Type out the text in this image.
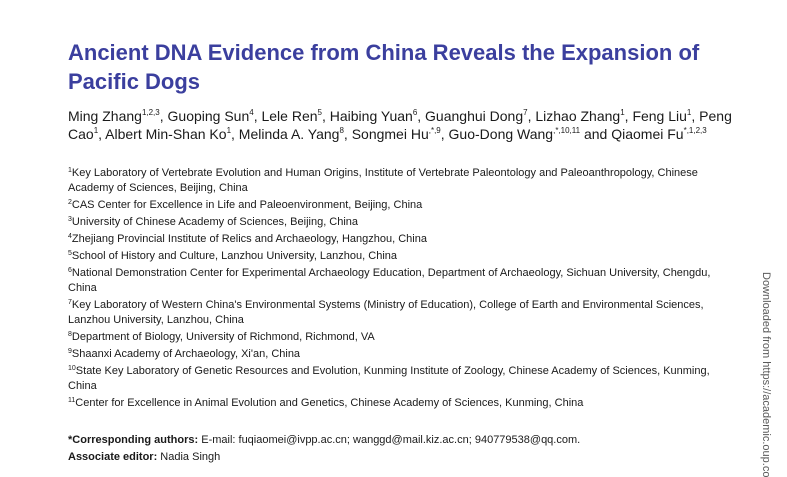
Ancient DNA Evidence from China Reveals the Expansion of Pacific Dogs

Ming Zhang$^{1,2,3}$, Guoping Sun$^4$, Lele Ren$^5$, Haibing Yuan$^6$, Guanghui Dong$^7$, Lizhao Zhang$^1$, Feng Liu$^1$, Peng Cao$^1$, Albert Min-Shan Ko$^1$, Melinda A. Yang$^8$, Songmei $Hu^{,*,9}$, Guo-Dong Wang$^{,*,10,11}$ and Qiaomei $Fu^{*,1,2,3}$

$^1$Key Laboratory of Vertebrate Evolution and Human Origins, Institute of Vertebrate Paleontology and Paleoanthropology, Chinese Academy of Sciences, Beijing, China

$^2$CAS Center for Excellence in Life and Paleoenvironment, Beijing, China

$^3$University of Chinese Academy of Sciences, Beijing, China

$^4$Zhejiang Provincial Institute of Relics and Archaeology, Hangzhou, China

$^5$School of History and Culture, Lanzhou University, Lanzhou, China

$^6$National Demonstration Center for Experimental Archaeology Education, Department of Archaeology, Sichuan University, Chengdu, China

$^7$Key Laboratory of Western China's Environmental Systems (Ministry of Education), College of Earth and Environmental Sciences, Lanzhou University, Lanzhou, China

$^8$Department of Biology, University of Richmond, Richmond, VA

$^9$Shaanxi Academy of Archaeology, Xi'an, China

$^{10}$State Key Laboratory of Genetic Resources and Evolution, Kunming Institute of Zoology, Chinese Academy of Sciences, Kunming, China

$^{11}$Center for Excellence in Animal Evolution and Genetics, Chinese Academy of Sciences, Kunming, China

*Corresponding authors: E-mail: fuqiaomei@ivpp.ac.cn; wanggd@mail.kiz.ac.cn; 940779538@qq.com.
Associate editor: Nadia Singh	Downloaded from https://academic.oup.co
